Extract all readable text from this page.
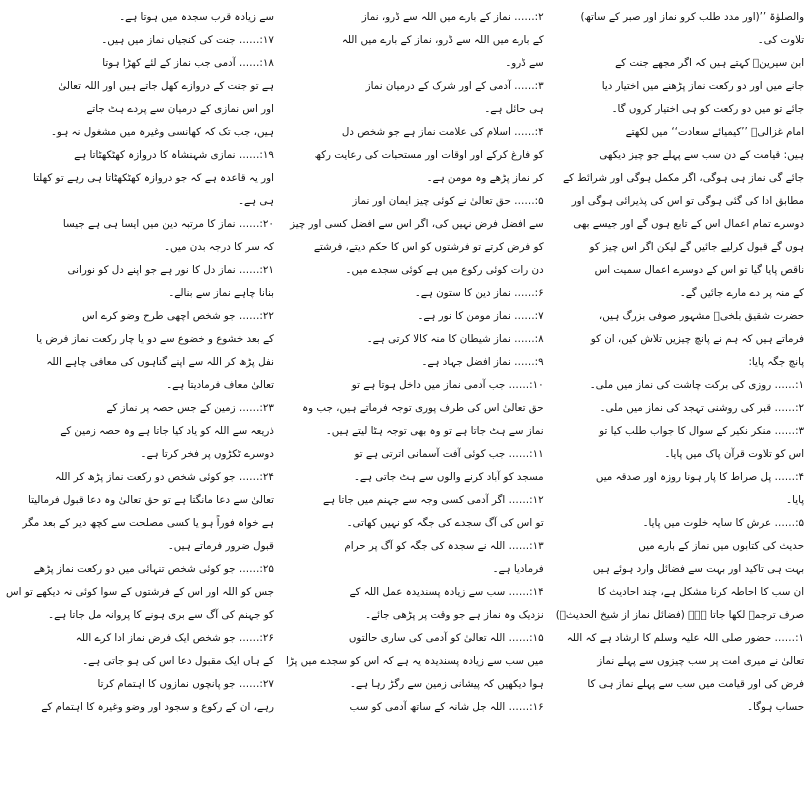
سے زیادہ قرب سجدہ میں ہوتا ہے۔
۱۷:…… جنت کی کنجیاں نماز میں ہیں۔
۱۸:…… آدمی جب نماز کے لئے کھڑا ہوتا
ہے تو جنت کے دروازے کھل جاتے ہیں اور اللہ تعالیٰ
اور اس نمازی کے درمیان سے پردے ہٹ جاتے
ہیں، جب تک کہ کھانسی وغیرہ میں مشغول نہ ہو۔
۱۹:…… نمازی شہنشاہ کا دروازہ کھٹکھٹاتا ہے
اور یہ قاعدہ ہے کہ جو دروازہ کھٹکھٹاتا ہی رہے تو کھلتا
ہی ہے۔
۲۰:…… نماز کا مرتبہ دین میں ایسا ہی ہے جیسا
کہ سر کا درجہ بدن میں۔
۲۱:…… نماز دل کا نور ہے جو اپنے دل کو نورانی
بنانا چاہے نماز سے بنالے۔
۲۲:…… جو شخص اچھی طرح وضو کرے اس
کے بعد خشوع و خضوع سے دو یا چار رکعت نماز فرض یا
نفل پڑھ کر اللہ سے اپنے گناہوں کی معافی چاہے اللہ
تعالیٰ معاف فرمادیتا ہے۔
۲۳:…… زمین کے جس حصہ پر نماز کے
ذریعہ سے اللہ کو یاد کیا جاتا ہے وہ حصہ زمین کے
دوسرے ٹکڑوں پر فخر کرتا ہے۔
۲۴:…… جو کوئی شخص دو رکعت نماز پڑھ کر اللہ
تعالیٰ سے دعا مانگتا ہے تو حق تعالیٰ وہ دعا قبول فرمالیتا
ہے خواہ فوراً ہو یا کسی مصلحت سے کچھ دیر کے بعد مگر
قبول ضرور فرماتے ہیں۔
۲۵:…… جو کوئی شخص تنہائی میں دو رکعت نماز پڑھے
جس کو اللہ اور اس کے فرشتوں کے سوا کوئی نہ دیکھے تو اس
کو جہنم کی آگ سے بری ہونے کا پروانہ مل جاتا ہے۔
۲۶:…… جو شخص ایک فرض نماز ادا کرے اللہ
کے ہاں ایک مقبول دعا اس کی ہو جاتی ہے۔
۲۷:…… جو پانچوں نمازوں کا اہتمام کرتا
رہے، ان کے رکوع و سجود اور وضو وغیرہ کا اہتمام کے
۲:…… نماز کے بارے میں اللہ سے ڈرو، نماز
کے بارے میں اللہ سے ڈرو، نماز کے بارے میں اللہ
سے ڈرو۔
۳:…… آدمی کے اور شرک کے درمیان نماز
ہی حائل ہے۔
۴:…… اسلام کی علامت نماز ہے جو شخص دل
کو فارغ کرکے اور اوقات اور مستحبات کی رعایت رکھ
کر نماز پڑھے وہ مومن ہے۔
۵:…… حق تعالیٰ نے کوئی چیز ایمان اور نماز
سے افضل فرض نہیں کی، اگر اس سے افضل کسی اور چیز
کو فرض کرتے تو فرشتوں کو اس کا حکم دیتے، فرشتے
دن رات کوئی رکوع میں ہے کوئی سجدے میں۔
۶:…… نماز دین کا ستون ہے۔
۷:…… نماز مومن کا نور ہے۔
۸:…… نماز شیطان کا منہ کالا کرتی ہے۔
۹:…… نماز افضل جہاد ہے۔
۱۰:…… جب آدمی نماز میں داخل ہوتا ہے تو
حق تعالیٰ اس کی طرف پوری توجہ فرماتے ہیں، جب وہ
نماز سے ہٹ جاتا ہے تو وہ بھی توجہ ہٹا لیتے ہیں۔
۱۱:…… جب کوئی آفت آسمانی اترتی ہے تو
مسجد کو آباد کرنے والوں سے ہٹ جاتی ہے۔
۱۲:…… اگر آدمی کسی وجہ سے جہنم میں جاتا ہے
تو اس کی آگ سجدے کی جگہ کو نہیں کھاتی۔
۱۳:…… اللہ نے سجدہ کی جگہ کو آگ پر حرام
فرمادیا ہے۔
۱۴:…… سب سے زیادہ پسندیدہ عمل اللہ کے
نزدیک وہ نماز ہے جو وقت پر پڑھی جائے۔
۱۵:…… اللہ تعالیٰ کو آدمی کی ساری حالتوں
میں سب سے زیادہ پسندیدہ یہ ہے کہ اس کو سجدے میں پڑا
ہوا دیکھیں کہ پیشانی زمین سے رگڑ رہا ہے۔
۱۶:…… اللہ جل شانہ کے ساتھ آدمی کو سب
والصلوٰۃ ’’(اور مدد طلب کرو نماز اور صبر کے ساتھ)
تلاوت کی۔
ابن سیرینؒ کہتے ہیں کہ اگر مجھے جنت کے
جانے میں اور دو رکعت نماز پڑھنے میں اختیار دیا
جائے تو میں دو رکعت کو ہی اختیار کروں گا۔
امام غزالیؒ ’’کیمیائے سعادت‘‘ میں لکھتے
ہیں: قیامت کے دن سب سے پہلے جو چیز دیکھی
جائے گی نماز ہی ہوگی، اگر مکمل ہوگی اور شرائط کے
مطابق ادا کی گئی ہوگی تو اس کی پذیرائی ہوگی اور
دوسرے تمام اعمال اس کے تابع ہوں گے اور جیسے بھی
ہوں گے قبول کرلیے جائیں گے لیکن اگر اس چیز کو
ناقص پایا گیا تو اس کے دوسرے اعمال سمیت اس
کے منہ پر دے مارے جائیں گے۔
حضرت شقیق بلخیؒ مشہور صوفی بزرگ ہیں،
فرماتے ہیں کہ ہم نے پانچ چیزیں تلاش کیں، ان کو
پانچ جگہ پایا:
۱:…… روزی کی برکت چاشت کی نماز میں ملی۔
۲:…… قبر کی روشنی تہجد کی نماز میں ملی۔
۳:…… منکر نکیر کے سوال کا جواب طلب کیا تو
اس کو تلاوت قرآن پاک میں پایا۔
۴:…… پل صراط کا پار ہونا روزہ اور صدقہ میں
پایا۔
۵:…… عرش کا سایہ خلوت میں پایا۔
حدیث کی کتابوں میں نماز کے بارے میں
بہت ہی تاکید اور بہت سے فضائل وارد ہوئے ہیں
ان سب کا احاطہ کرنا مشکل ہے، چند احادیث کا
صرف ترجمہ لکھا جاتا ہے۔ (فضائل نماز از شیخ الحدیثؒ)
۱:…… حضور صلی اللہ علیہ وسلم کا ارشاد ہے کہ اللہ
تعالیٰ نے میری امت پر سب چیزوں سے پہلے نماز
فرض کی اور قیامت میں سب سے پہلے نماز ہی کا
حساب ہوگا۔
